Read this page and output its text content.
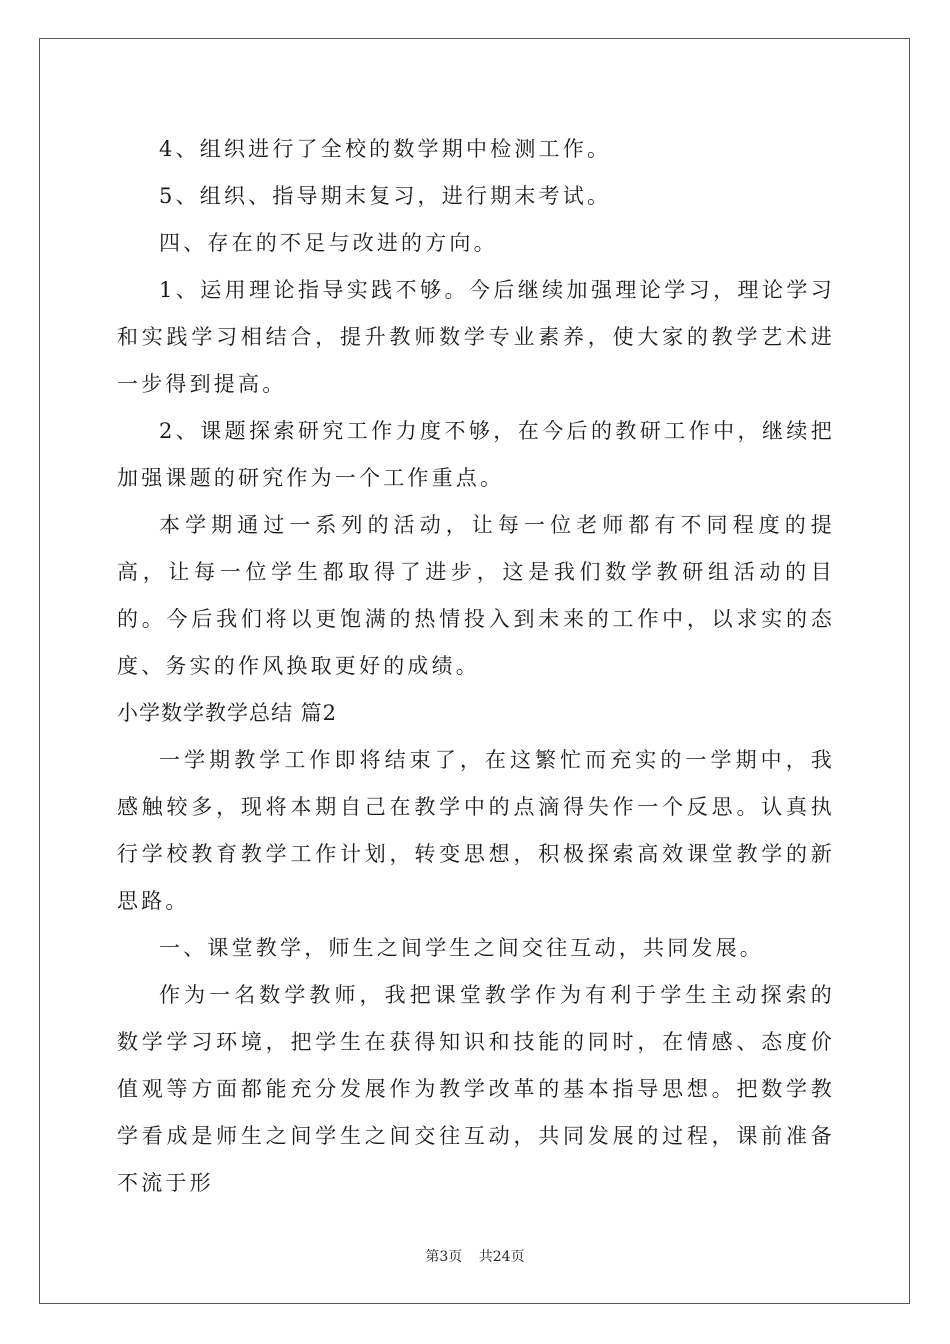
4、组织进行了全校的数学期中检测工作。

5、组织、指导期末复习，进行期末考试。

四、存在的不足与改进的方向。

1、运用理论指导实践不够。今后继续加强理论学习，理论学习和实践学习相结合，提升教师数学专业素养，使大家的教学艺术进一步得到提高。

2、课题探索研究工作力度不够，在今后的教研工作中，继续把加强课题的研究作为一个工作重点。

本学期通过一系列的活动，让每一位老师都有不同程度的提高，让每一位学生都取得了进步，这是我们数学教研组活动的目的。今后我们将以更饱满的热情投入到未来的工作中，以求实的态度、务实的作风换取更好的成绩。

小学数学教学总结 篇2

一学期教学工作即将结束了，在这繁忙而充实的一学期中，我感触较多，现将本期自己在教学中的点滴得失作一个反思。认真执行学校教育教学工作计划，转变思想，积极探索高效课堂教学的新思路。

一、课堂教学，师生之间学生之间交往互动，共同发展。

作为一名数学教师，我把课堂教学作为有利于学生主动探索的数学学习环境，把学生在获得知识和技能的同时，在情感、态度价值观等方面都能充分发展作为教学改革的基本指导思想。把数学教学看成是师生之间学生之间交往互动，共同发展的过程，课前准备不流于形

第3页 共24页
